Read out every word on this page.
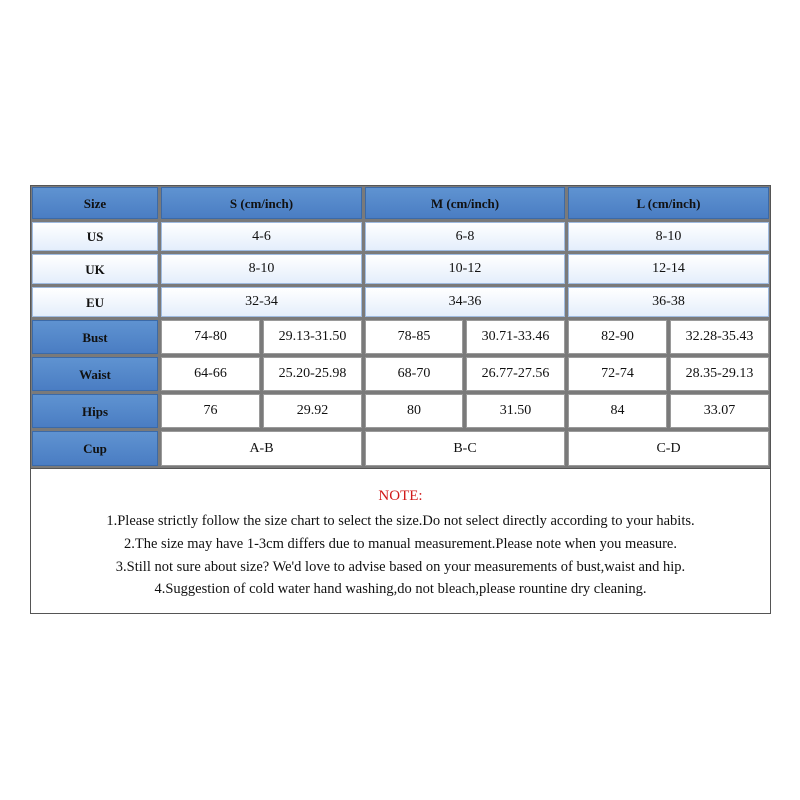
Size	S (cm/inch)	M (cm/inch)	L (cm/inch)
US	4-6	6-8	8-10
UK	8-10	10-12	12-14
EU	32-34	34-36	36-38
Bust	74-80	29.13-31.50	78-85	30.71-33.46	82-90	32.28-35.43
Waist	64-66	25.20-25.98	68-70	26.77-27.56	72-74	28.35-29.13
Hips	76	29.92	80	31.50	84	33.07
Cup	A-B	B-C	C-D
NOTE:
1.Please strictly follow the size chart to select the size.Do not select directly according to your habits.
2.The size may have 1-3cm differs due to manual measurement.Please note when you measure.
3.Still not sure about size? We'd love to advise based on your measurements of bust,waist and hip.
4.Suggestion of cold water hand washing,do not bleach,please rountine dry cleaning.
